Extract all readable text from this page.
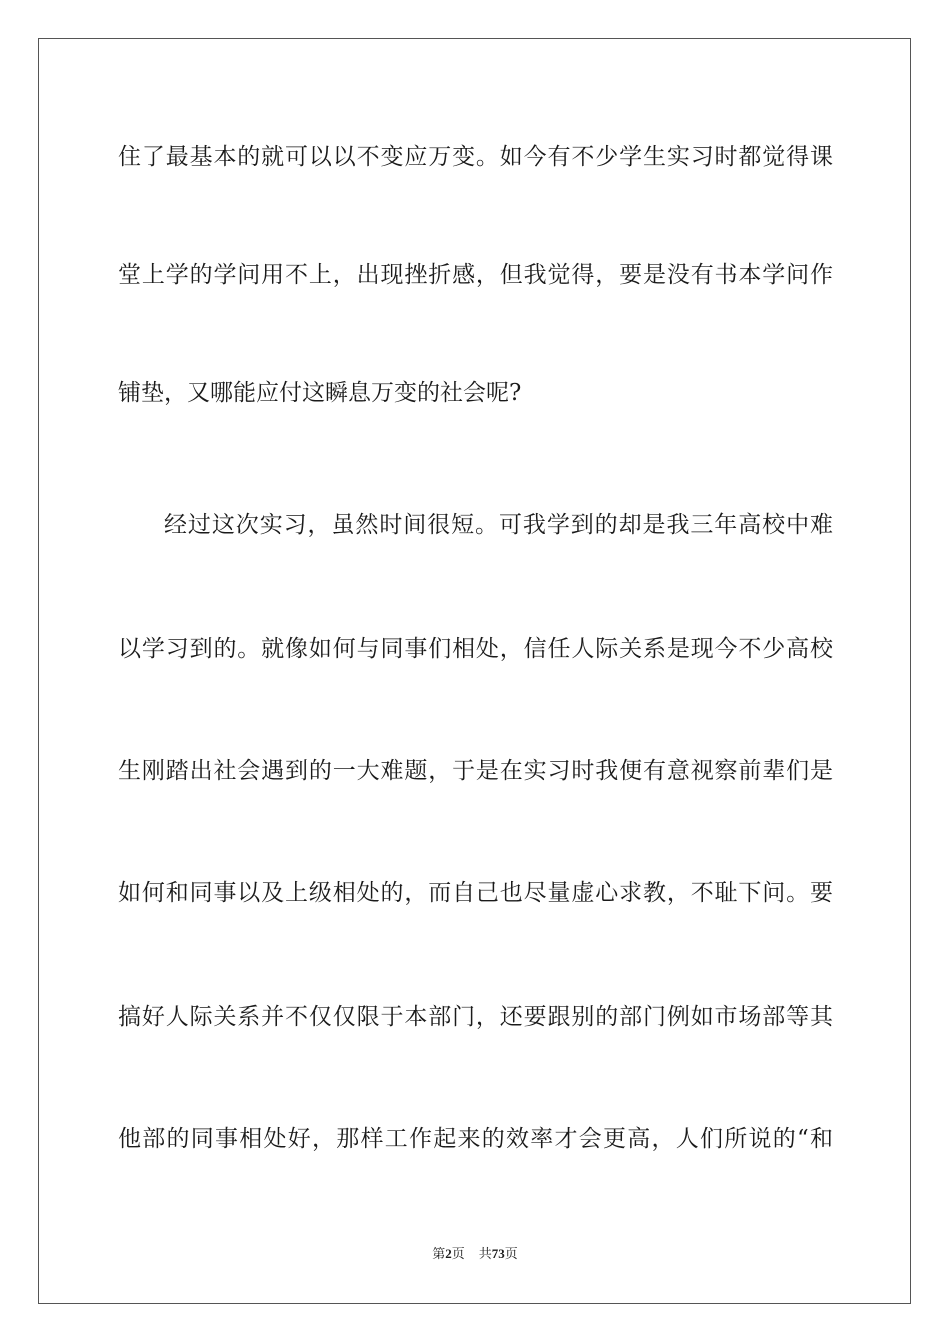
住了最基本的就可以以不变应万变。如今有不少学生实习时都觉得课
堂上学的学问用不上，出现挫折感，但我觉得，要是没有书本学问作
铺垫，又哪能应付这瞬息万变的社会呢?
经过这次实习，虽然时间很短。可我学到的却是我三年高校中难
以学习到的。就像如何与同事们相处，信任人际关系是现今不少高校
生刚踏出社会遇到的一大难题，于是在实习时我便有意视察前辈们是
如何和同事以及上级相处的，而自己也尽量虚心求教，不耻下问。要
搞好人际关系并不仅仅限于本部门，还要跟别的部门例如市场部等其
他部的同事相处好，那样工作起来的效率才会更高，人们所说的“和
第2页 共73页
